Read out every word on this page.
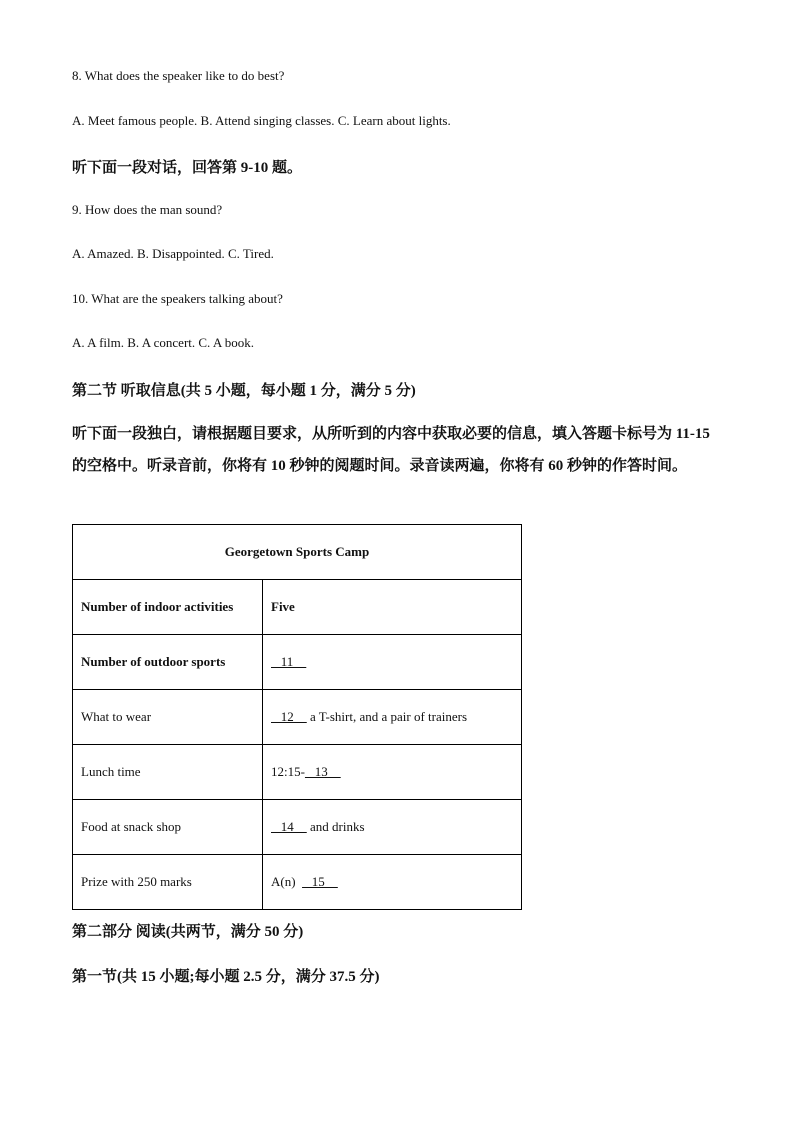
8. What does the speaker like to do best?
A. Meet famous people. B. Attend singing classes. C. Learn about lights.
听下面一段对话，回答第 9-10 题。
9. How does the man sound?
A. Amazed. B. Disappointed. C. Tired.
10. What are the speakers talking about?
A. A film. B. A concert. C. A book.
第二节 听取信息(共 5 小题，每小题 1 分，满分 5 分)
听下面一段独白，请根据题目要求，从所听到的内容中获取必要的信息，填入答题卡标号为 11-15 的空格中。听录音前，你将有 10 秒钟的阅题时间。录音读两遍，你将有 60 秒钟的作答时间。
Georgetown Sports Camp	
Number of indoor activities	Five
Number of outdoor sports	11
What to wear	12     a T-shirt, and a pair of trainers
Lunch time	12:15-   13
Food at snack shop	14     and drinks
Prize with 250 marks	A(n)     15
第二部分 阅读(共两节，满分 50 分)
第一节(共 15 小题;每小题 2.5 分，满分 37.5 分)
